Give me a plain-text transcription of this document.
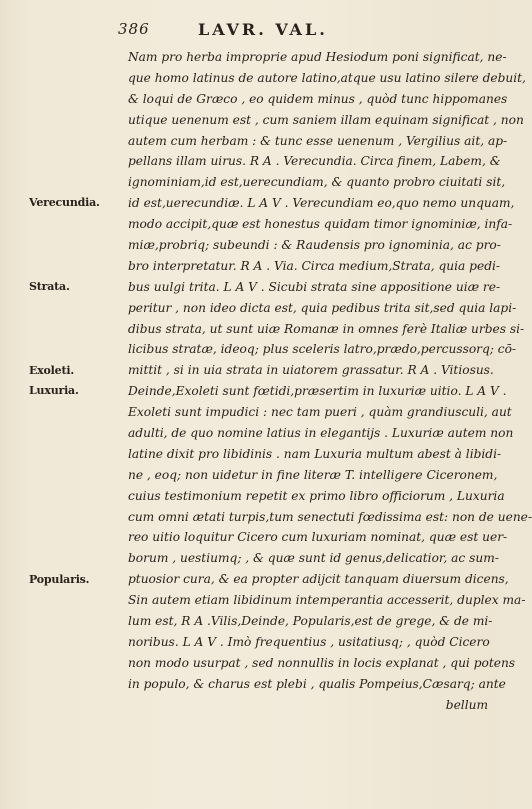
386	LAVR. VAL.
Verecundia.
Strata.
Exoleti.
Luxuria.
Popularis.
Nam pro herba improprie apud Hesiodum poni significat, ne-
que homo latinus de autore latino,atque usu latino silere debuit,
& loqui de Græco , eo quidem minus , quòd tunc hippomanes
utique uenenum est , cum saniem illam equinam significat , non
autem cum herbam : & tunc esse uenenum , Vergilius ait, ap-
pellans illam uirus. R A . Verecundia. Circa finem, Labem, &
ignominiam,id est,uerecundiam, & quanto probro ciuitati sit,
id est,uerecundiæ. L A V . Verecundiam eo,quo nemo unquam,
modo accipit,quæ est honestus quidam timor ignominiæ, infa-
miæ,probriq; subeundi : & Raudensis pro ignominia, ac pro-
bro interpretatur. R A . Via. Circa medium,Strata, quia pedi-
bus uulgi trita. L A V . Sicubi strata sine appositione uiæ re-
peritur , non ideo dicta est, quia pedibus trita sit,sed quia lapi-
dibus strata, ut sunt uiæ Romanæ in omnes ferè Italiæ urbes si-
licibus stratæ, ideoq; plus sceleris latro,prædo,percussorq; cō-
mittit , si in uia strata in uiatorem grassatur. R A . Vitiosus.
Deinde,Exoleti sunt fœtidi,præsertim in luxuriæ uitio. L A V .
Exoleti sunt impudici : nec tam pueri , quàm grandiusculi, aut
adulti, de quo nomine latius in elegantijs . Luxuriæ autem non
latine dixit pro libidinis . nam Luxuria multum abest à libidi-
ne , eoq; non uidetur in fine literæ T. intelligere Ciceronem,
cuius testimonium repetit ex primo libro officiorum , Luxuria
cum omni ætati turpis,tum senectuti fœdissima est: non de uene-
reo uitio loquitur Cicero cum luxuriam nominat, quæ est uer-
borum , uestiumq; , & quæ sunt id genus,delicatior, ac sum-
ptuosior cura, & ea propter adijcit tanquam diuersum dicens,
Sin autem etiam libidinum intemperantia accesserit, duplex ma-
lum est, R A .Vilis,Deinde, Popularis,est de grege, & de mi-
noribus. L A V . Imò frequentius , usitatiusq; , quòd Cicero
non modo usurpat , sed nonnullis in locis explanat , qui potens
in populo, & charus est plebi , qualis Pompeius,Cæsarq; ante
bellum
